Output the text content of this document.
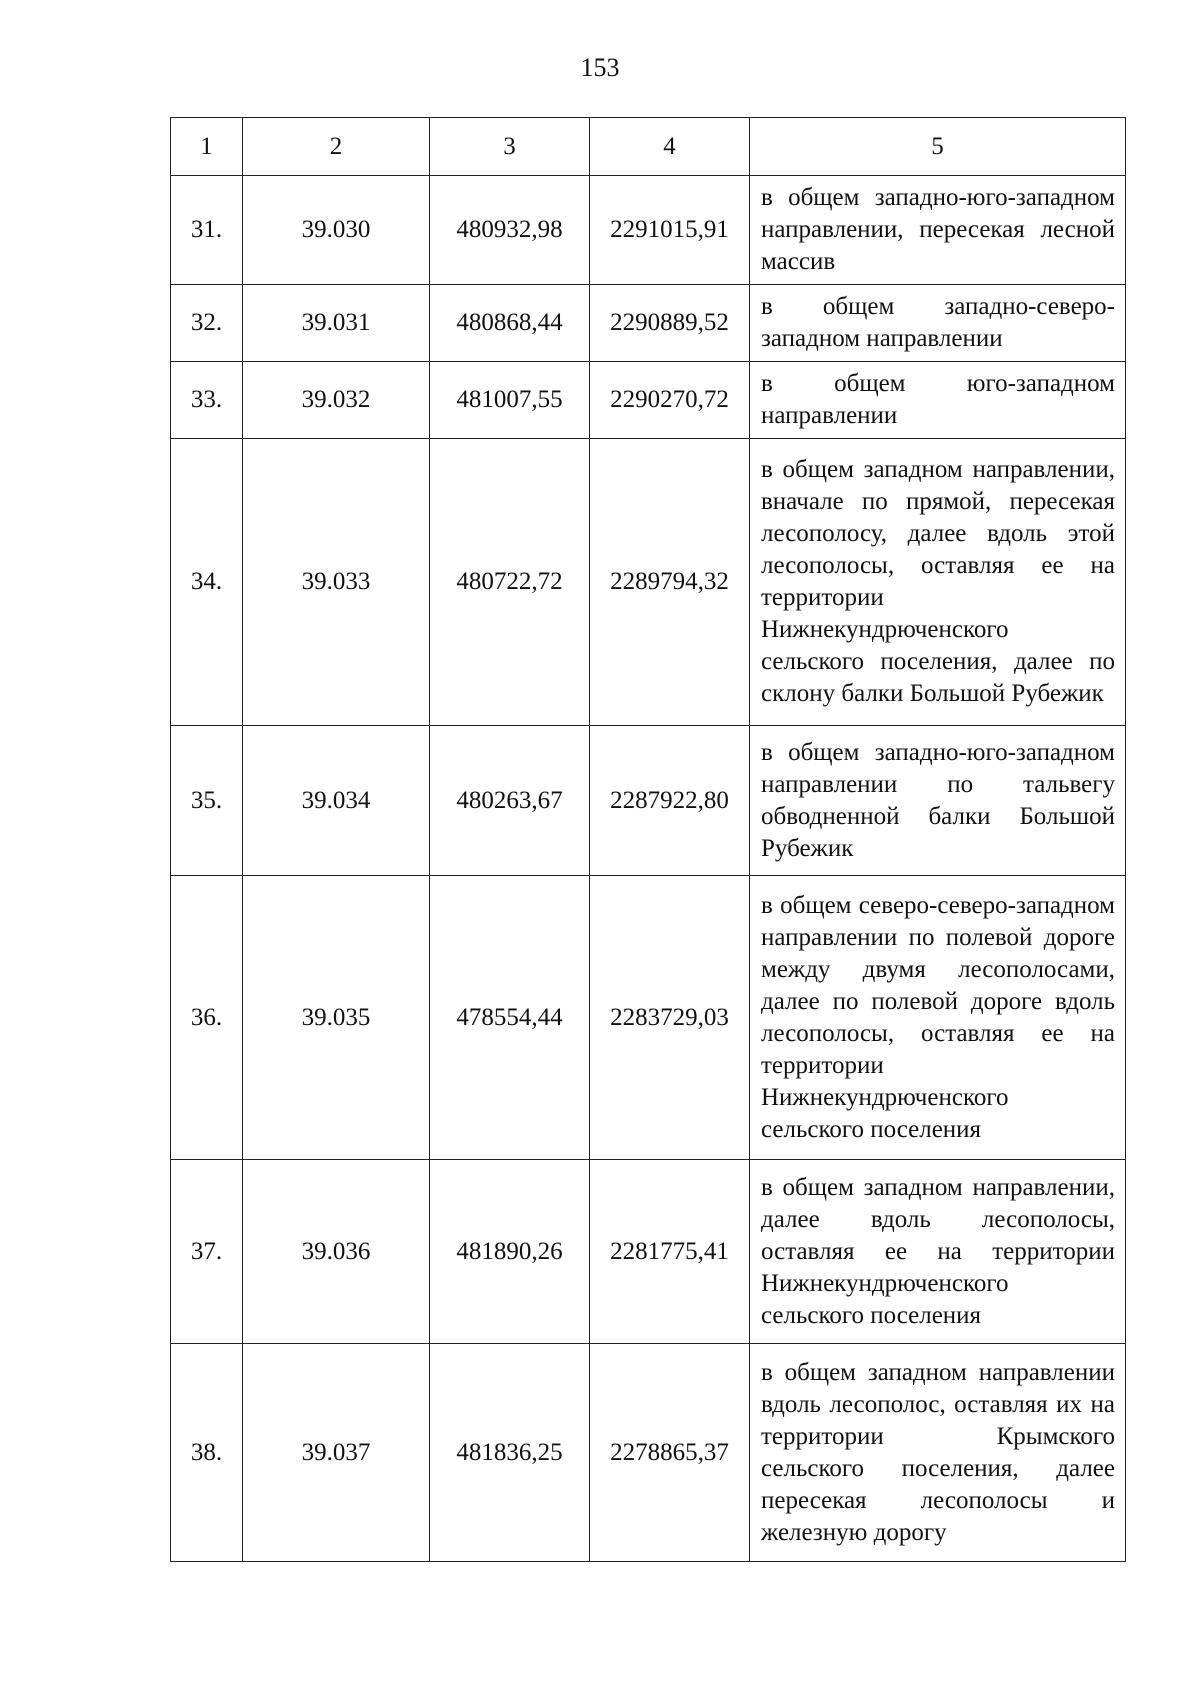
153
1	2	3	4	5
31.	39.030	480932,98	2291015,91	в общем западно-юго-западном направлении, пересекая лесной массив
32.	39.031	480868,44	2290889,52	в общем западно-северо-западном направлении
33.	39.032	481007,55	2290270,72	в общем юго-западном направлении
34.	39.033	480722,72	2289794,32	в общем западном направлении, вначале по прямой, пересекая лесополосу, далее вдоль этой лесополосы, оставляя ее на территории Нижнекундрюченского сельского поселения, далее по склону балки Большой Рубежик
35.	39.034	480263,67	2287922,80	в общем западно-юго-западном направлении по тальвегу обводненной балки Большой Рубежик
36.	39.035	478554,44	2283729,03	в общем северо-северо-западном направлении по полевой дороге между двумя лесополосами, далее по полевой дороге вдоль лесополосы, оставляя ее на территории Нижнекундрюченского сельского поселения
37.	39.036	481890,26	2281775,41	в общем западном направлении, далее вдоль лесополосы, оставляя ее на территории Нижнекундрюченского сельского поселения
38.	39.037	481836,25	2278865,37	в общем западном направлении вдоль лесополос, оставляя их на территории Крымского сельского поселения, далее пересекая лесополосы и железную дорогу
